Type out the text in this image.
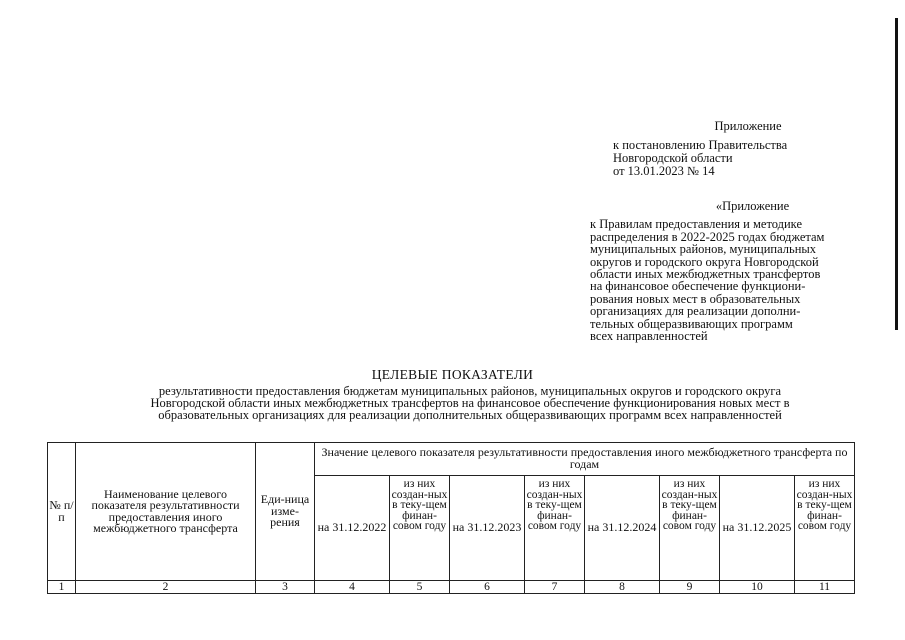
Приложение
к постановлению Правительства
Новгородской области
от 13.01.2023 № 14
«Приложение
к Правилам предоставления и методике
распределения в 2022-2025 годах бюджетам
муниципальных районов, муниципальных
округов и городского округа Новгородской
области иных межбюджетных трансфертов
на финансовое обеспечение функциони-
рования новых мест в образовательных
организациях для реализации дополни-
тельных общеразвивающих программ
всех направленностей
ЦЕЛЕВЫЕ ПОКАЗАТЕЛИ
результативности предоставления бюджетам муниципальных районов, муниципальных округов и городского округа
Новгородской области иных межбюджетных трансфертов на финансовое обеспечение функционирования новых мест в
образовательных организациях для реализации дополнительных общеразвивающих программ всех направленностей
№ п/п	Наименование целевого показателя результативности предоставлeния иного межбюджетного трансферта	Еди-ница изме-рения	Значение целевого показателя результативности предоставления иного межбюджетного трансферта по годам							
			на 31.12.2022	из них создан-ных в теку-щем финан-совом году	на 31.12.2023	из них создан-ных в теку-щем финан-совом году	на 31.12.2024	из них создан-ных в теку-щем финан-совом году	на 31.12.2025	из них создан-ных в теку-щем финан-совом году
1	2	3	4	5	6	7	8	9	10	11
